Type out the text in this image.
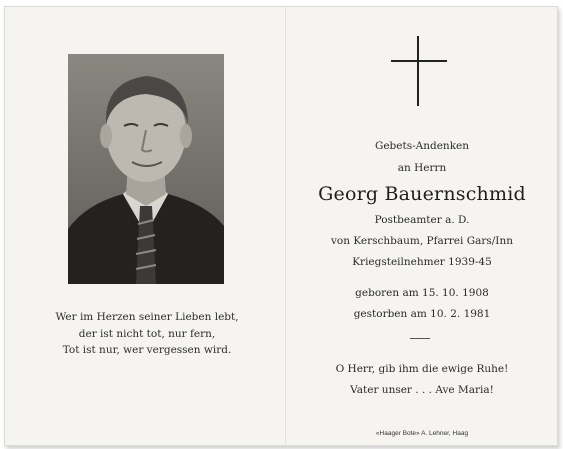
Wer im Herzen seiner Lieben lebt,
der ist nicht tot, nur fern,
Tot ist nur, wer vergessen wird.
Gebets-Andenken
an Herrn
Georg Bauernschmid
Postbeamter a. D.
von Kerschbaum, Pfarrei Gars/Inn
Kriegsteilnehmer 1939-45
geboren am 15. 10. 1908
gestorben am 10. 2. 1981
O Herr, gib ihm die ewige Ruhe!
Vater unser . . . Ave Maria!
«Haager Bote» A. Lehner, Haag
